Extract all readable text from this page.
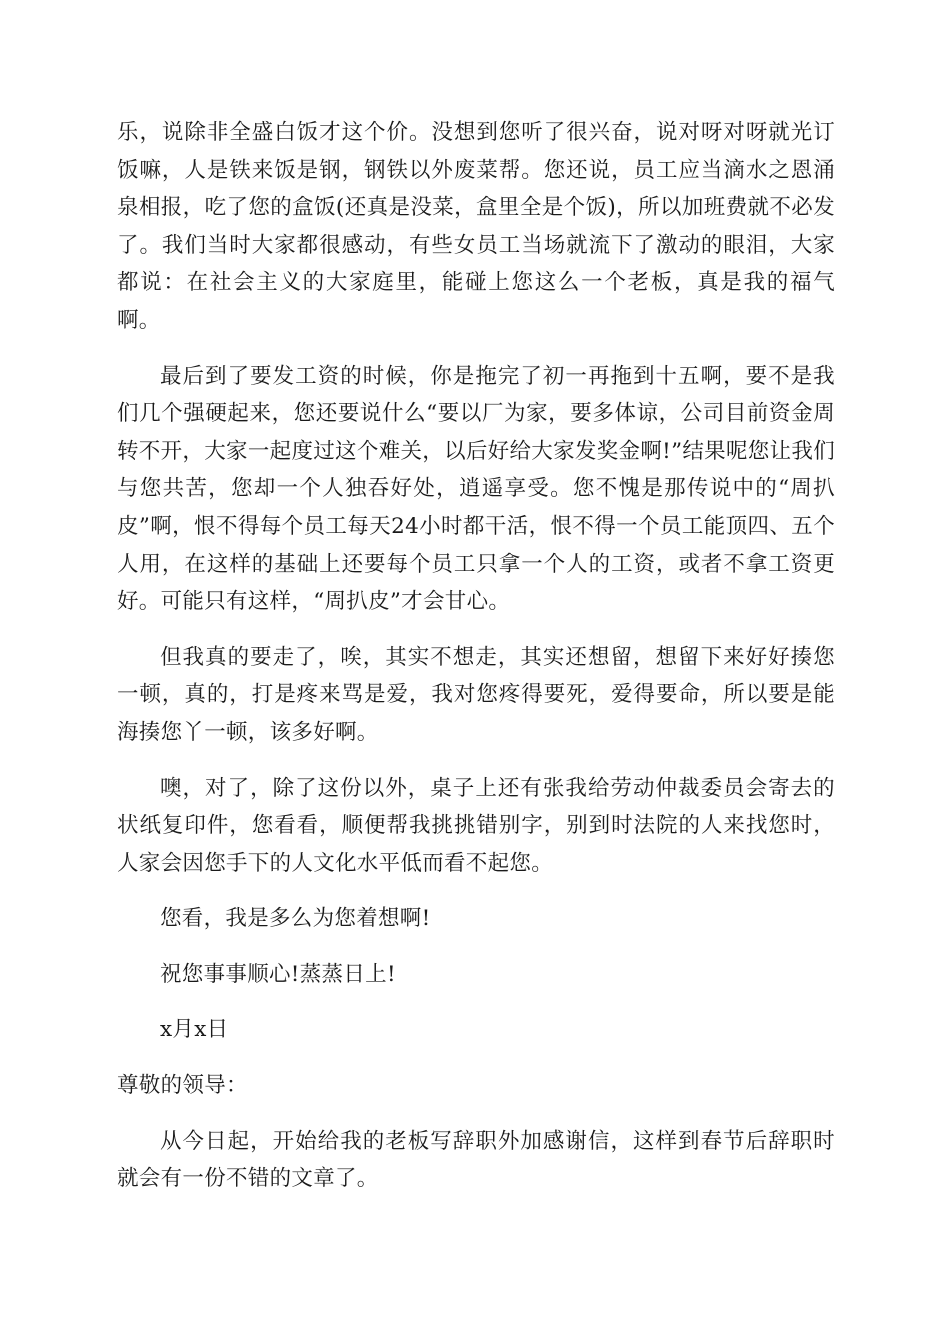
乐，说除非全盛白饭才这个价。没想到您听了很兴奋，说对呀对呀就光订饭嘛，人是铁来饭是钢，钢铁以外废菜帮。您还说，员工应当滴水之恩涌泉相报，吃了您的盒饭(还真是没菜，盒里全是个饭)，所以加班费就不必发了。我们当时大家都很感动，有些女员工当场就流下了激动的眼泪，大家都说：在社会主义的大家庭里，能碰上您这么一个老板，真是我的福气啊。

最后到了要发工资的时候，你是拖完了初一再拖到十五啊，要不是我们几个强硬起来，您还要说什么“要以厂为家，要多体谅，公司目前资金周转不开，大家一起度过这个难关，以后好给大家发奖金啊!”结果呢您让我们与您共苦，您却一个人独吞好处，逍遥享受。您不愧是那传说中的“周扒皮”啊，恨不得每个员工每天24小时都干活，恨不得一个员工能顶四、五个人用，在这样的基础上还要每个员工只拿一个人的工资，或者不拿工资更好。可能只有这样，“周扒皮”才会甘心。

但我真的要走了，唉，其实不想走，其实还想留，想留下来好好揍您一顿，真的，打是疼来骂是爱，我对您疼得要死，爱得要命，所以要是能海揍您丫一顿，该多好啊。

噢，对了，除了这份以外，桌子上还有张我给劳动仲裁委员会寄去的状纸复印件，您看看，顺便帮我挑挑错别字，别到时法院的人来找您时，人家会因您手下的人文化水平低而看不起您。

您看，我是多么为您着想啊!

祝您事事顺心!蒸蒸日上!

x月x日

尊敬的领导：

从今日起，开始给我的老板写辞职外加感谢信，这样到春节后辞职时就会有一份不错的文章了。
